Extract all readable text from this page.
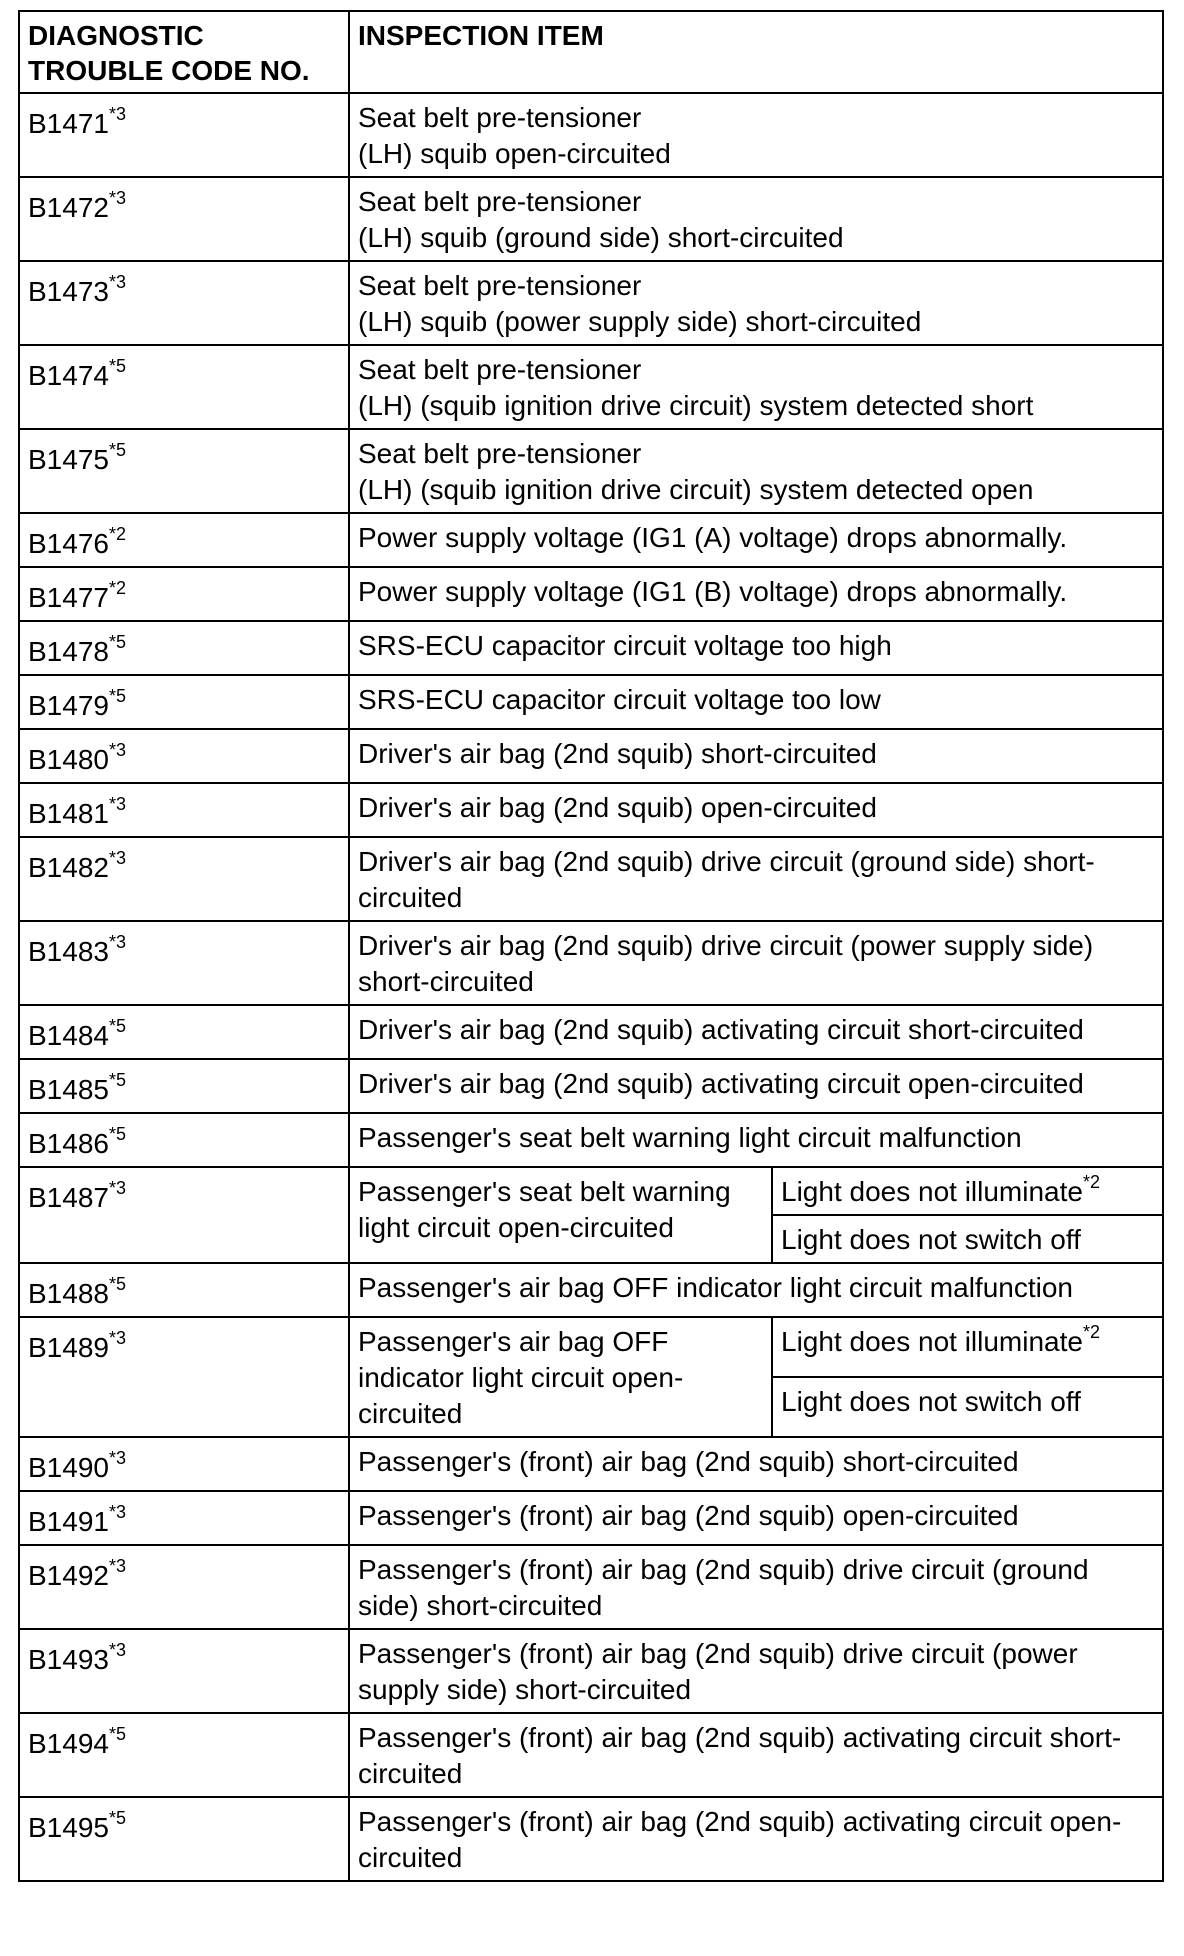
DIAGNOSTIC TROUBLE CODE NO.	INSPECTION ITEM	
B1471$^{*3}$	Seat belt pre-tensioner
(LH) squib open-circuited	
B1472$^{*3}$	Seat belt pre-tensioner
(LH) squib (ground side) short-circuited	
B1473$^{*3}$	Seat belt pre-tensioner
(LH) squib (power supply side) short-circuited	
B1474$^{*5}$	Seat belt pre-tensioner
(LH) (squib ignition drive circuit) system detected short	
B1475$^{*5}$	Seat belt pre-tensioner
(LH) (squib ignition drive circuit) system detected open	
B1476$^{*2}$	Power supply voltage (IG1 (A) voltage) drops abnormally.	
B1477$^{*2}$	Power supply voltage (IG1 (B) voltage) drops abnormally.	
B1478$^{*5}$	SRS-ECU capacitor circuit voltage too high	
B1479$^{*5}$	SRS-ECU capacitor circuit voltage too low	
B1480$^{*3}$	Driver's air bag (2nd squib) short-circuited	
B1481$^{*3}$	Driver's air bag (2nd squib) open-circuited	
B1482$^{*3}$	Driver's air bag (2nd squib) drive circuit (ground side) short-circuited	
B1483$^{*3}$	Driver's air bag (2nd squib) drive circuit (power supply side) short-circuited	
B1484$^{*5}$	Driver's air bag (2nd squib) activating circuit short-circuited	
B1485$^{*5}$	Driver's air bag (2nd squib) activating circuit open-circuited	
B1486$^{*5}$	Passenger's seat belt warning light circuit malfunction	
B1487$^{*3}$	Passenger's seat belt warning light circuit open-circuited	Light does not illuminate$^{*2}$
		Light does not switch off
B1488$^{*5}$	Passenger's air bag OFF indicator light circuit malfunction	
B1489$^{*3}$	Passenger's air bag OFF indicator light circuit open-circuited	Light does not illuminate$^{*2}$
		Light does not switch off
B1490$^{*3}$	Passenger's (front) air bag (2nd squib) short-circuited	
B1491$^{*3}$	Passenger's (front) air bag (2nd squib) open-circuited	
B1492$^{*3}$	Passenger's (front) air bag (2nd squib) drive circuit (ground side) short-circuited	
B1493$^{*3}$	Passenger's (front) air bag (2nd squib) drive circuit (power supply side) short-circuited	
B1494$^{*5}$	Passenger's (front) air bag (2nd squib) activating circuit short-circuited	
B1495$^{*5}$	Passenger's (front) air bag (2nd squib) activating circuit open-circuited	
